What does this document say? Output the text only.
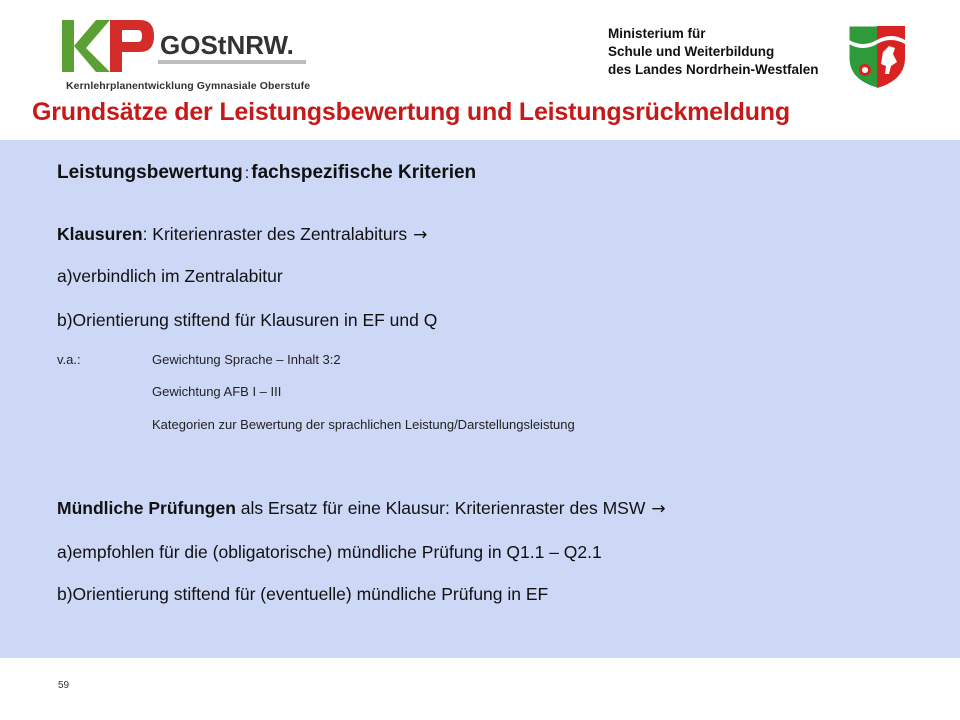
GOStNRW.
Kernlehrplanentwicklung Gymnasiale Oberstufe
Ministerium für
Schule und Weiterbildung
des Landes Nordrhein-Westfalen
Grundsätze der Leistungsbewertung und Leistungsrückmeldung
Leistungsbewertung : fachspezifische Kriterien
Klausuren: Kriterienraster des Zentralabiturs →
a)verbindlich im Zentralabitur
b)Orientierung stiftend für Klausuren in EF und Q
v.a.:	Gewichtung Sprache – Inhalt 3:2
Gewichtung AFB I – III
Kategorien zur Bewertung der sprachlichen Leistung/Darstellungsleistung
Mündliche Prüfungen als Ersatz für eine Klausur: Kriterienraster des MSW →
a)empfohlen für die (obligatorische) mündliche Prüfung in Q1.1 – Q2.1
b)Orientierung stiftend für (eventuelle) mündliche Prüfung in EF
59
